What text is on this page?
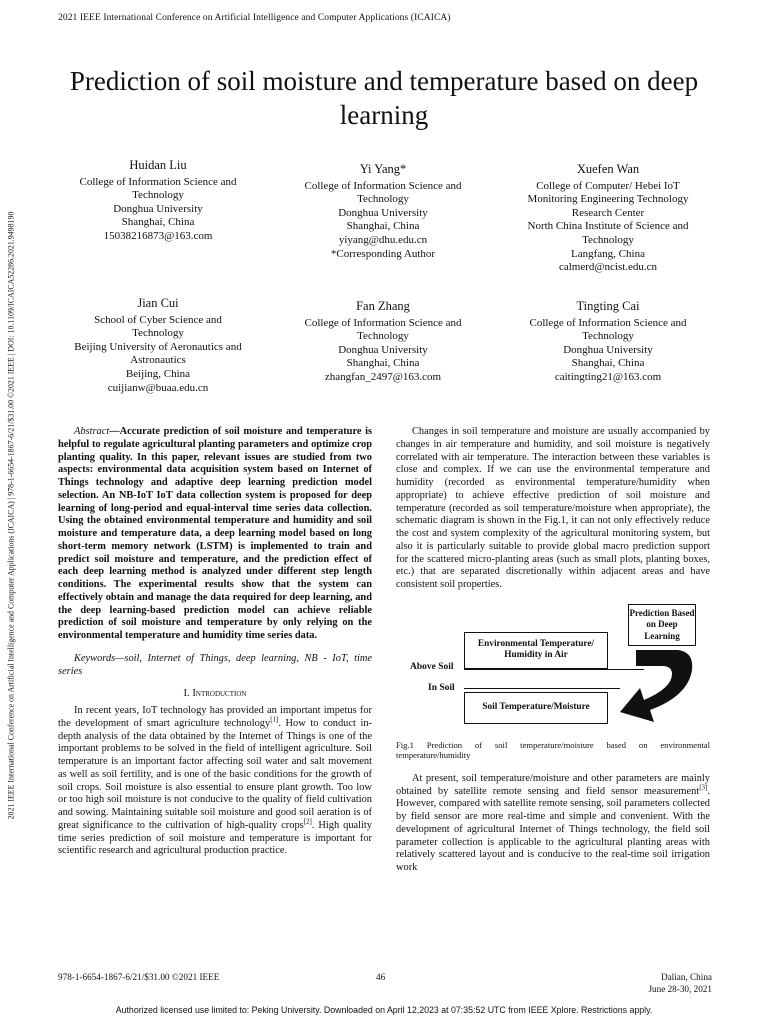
2021 IEEE International Conference on Artificial Intelligence and Computer Applications (ICAICA)
2021 IEEE International Conference on Artificial Intelligence and Computer Applications (ICAICA) | 978-1-6654-1867-6/21/$31.00 ©2021 IEEE | DOI: 10.1109/ICAICA52286.2021.9498190
Prediction of soil moisture and temperature based on deep learning
Huidan Liu
College of Information Science and
Technology
Donghua University
Shanghai, China
15038216873@163.com
Yi Yang*
College of Information Science and
Technology
Donghua University
Shanghai, China
yiyang@dhu.edu.cn
*Corresponding Author
Xuefen Wan
College of Computer/ Hebei IoT
Monitoring Engineering Technology
Research Center
North China Institute of Science and
Technology
Langfang, China
calmerd@ncist.edu.cn
Jian Cui
School of Cyber Science and
Technology
Beijing University of Aeronautics and
Astronautics
Beijing, China
cuijianw@buaa.edu.cn
Fan Zhang
College of Information Science and
Technology
Donghua University
Shanghai, China
zhangfan_2497@163.com
Tingting Cai
College of Information Science and
Technology
Donghua University
Shanghai, China
caitingting21@163.com

Abstract—Accurate prediction of soil moisture and temperature is helpful to regulate agricultural planting parameters and optimize crop planting quality. In this paper, relevant issues are studied from two aspects: environmental data acquisition system based on Internet of Things technology and adaptive deep learning prediction model selection. An NB-IoT IoT data collection system is proposed for deep learning of long-period and equal-interval time series data collection. Using the obtained environmental temperature and humidity and soil moisture and temperature data, a deep learning model based on long short-term memory network (LSTM) is implemented to train and predict soil moisture and temperature, and the prediction effect of each deep learning method is analyzed under different step length conditions. The experimental results show that the system can effectively obtain and manage the data required for deep learning, and the deep learning-based prediction model can achieve reliable prediction of soil moisture and temperature by only relying on the environmental temperature and humidity time series data.

Keywords—soil, Internet of Things, deep learning, NB - IoT, time series

I. Introduction

In recent years, IoT technology has provided an important impetus for the development of smart agriculture technology[1]. How to conduct in-depth analysis of the data obtained by the Internet of Things is one of the important problems to be solved in the field of intelligent agriculture. Soil temperature is an important factor affecting soil water and salt movement as well as soil fertility, and is one of the basic conditions for the growth of soil crops. Soil moisture is also essential to ensure plant growth. Too low or too high soil moisture is not conducive to the quality of field cultivation and sowing. Maintaining suitable soil moisture and good soil aeration is of great significance to the cultivation of high-quality crops[2]. High quality time series prediction of soil moisture and temperature is important for scientific research and agricultural production practice.

Changes in soil temperature and moisture are usually accompanied by changes in air temperature and humidity, and soil moisture is negatively correlated with air temperature. The interaction between these variables is close and complex. If we can use the environmental temperature and humidity (recorded as environmental temperature/humidity when appropriate) to achieve effective prediction of soil moisture and temperature (recorded as soil temperature/moisture when appropriate), the schematic diagram is shown in the Fig.1, it can not only effectively reduce the cost and system complexity of the agricultural monitoring system, but also it is particularly suitable to provide global macro prediction support for the scattered micro-planting areas (such as small plots, planting boxes, etc.) that are separated discretionally within adjacent areas and have consistent soil properties.

Above Soil
In Soil
Environmental Temperature/ Humidity in Air
Soil Temperature/Moisture
Prediction Based on Deep Learning

Fig.1 Prediction of soil temperature/moisture based on environmental temperature/humidity

At present, soil temperature/moisture and other parameters are mainly obtained by satellite remote sensing and field sensor measurement[3]. However, compared with satellite remote sensing, soil parameters collected by field sensor are more real-time and simple and convenient. With the development of agricultural Internet of Things technology, the field soil parameter collection is applicable to the agricultural planting areas with relatively scattered layout and is conducive to the real-time soil irrigation work

978-1-6654-1867-6/21/$31.00 ©2021 IEEE	46	Dalian, China
June 28-30, 2021
Authorized licensed use limited to: Peking University. Downloaded on April 12,2023 at 07:35:52 UTC from IEEE Xplore. Restrictions apply.
